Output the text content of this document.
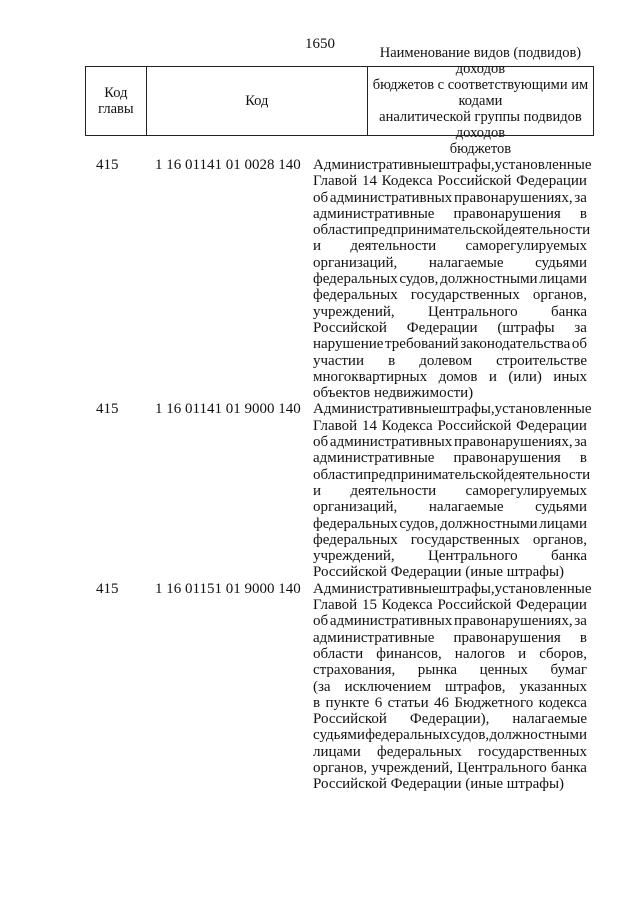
1650
Код
главы	Код
Наименование видов (подвидов) доходов
бюджетов с соответствующими им кодами
аналитической группы подвидов доходов
бюджетов
415 1 16 01141 01 0028 140 Административные штрафы, установленные
Главой 14 Кодекса Российской Федерации
об административных правонарушениях, за
административные правонарушения в
области предпринимательской деятельности
и деятельности саморегулируемых
организаций, налагаемые судьями
федеральных судов, должностными лицами
федеральных государственных органов,
учреждений, Центрального банка
Российской Федерации (штрафы за
нарушение требований законодательства об
участии в долевом строительстве
многоквартирных домов и (или) иных
объектов недвижимости)
415 1 16 01141 01 9000 140 Административные штрафы, установленные
Главой 14 Кодекса Российской Федерации
об административных правонарушениях, за
административные правонарушения в
области предпринимательской деятельности
и деятельности саморегулируемых
организаций, налагаемые судьями
федеральных судов, должностными лицами
федеральных государственных органов,
учреждений, Центрального банка
Российской Федерации (иные штрафы)
415 1 16 01151 01 9000 140 Административные штрафы, установленные
Главой 15 Кодекса Российской Федерации
об административных правонарушениях, за
административные правонарушения в
области финансов, налогов и сборов,
страхования, рынка ценных бумаг
(за исключением штрафов, указанных
в пункте 6 статьи 46 Бюджетного кодекса
Российской Федерации), налагаемые
судьями федеральных судов, должностными
лицами федеральных государственных
органов, учреждений, Центрального банка
Российской Федерации (иные штрафы)
